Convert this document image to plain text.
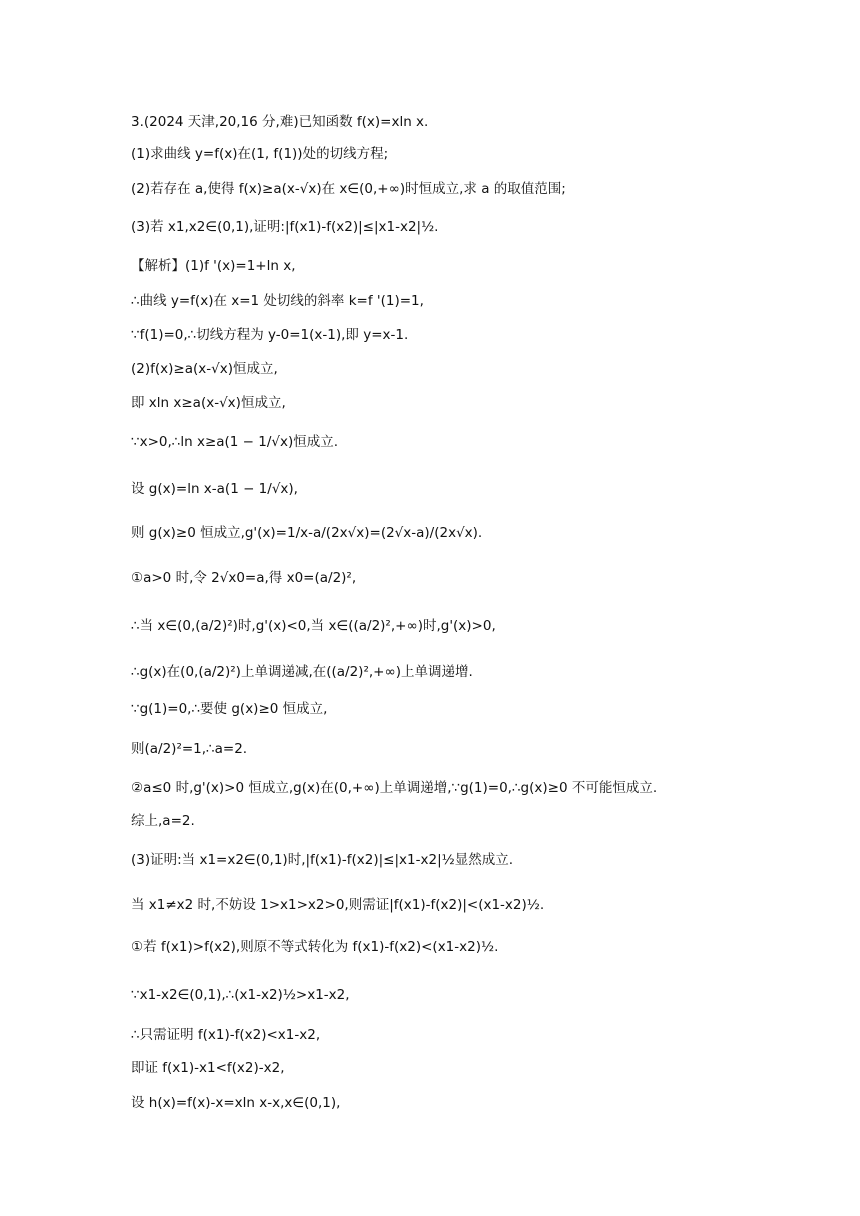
3.(2024 天津,20,16 分,难)已知函数 f(x)=xln x.
(1)求曲线 y=f(x)在(1, f(1))处的切线方程;
(2)若存在 a,使得 f(x)≥a(x-√x)在 x∈(0,+∞)时恒成立,求 a 的取值范围;
(3)若 x1,x2∈(0,1),证明:|f(x1)-f(x2)|≤|x1-x2|½.
【解析】(1)f '(x)=1+ln x,
∴曲线 y=f(x)在 x=1 处切线的斜率 k=f '(1)=1,
∵f(1)=0,∴切线方程为 y-0=1(x-1),即 y=x-1.
(2)f(x)≥a(x-√x)恒成立,
即 xln x≥a(x-√x)恒成立,
∵x>0,∴ln x≥a(1 − 1/√x)恒成立.
设 g(x)=ln x-a(1 − 1/√x),
则 g(x)≥0 恒成立,g'(x)=1/x-a/(2x√x)=(2√x-a)/(2x√x).
①a>0 时,令 2√x0=a,得 x0=(a/2)²,
∴当 x∈(0,(a/2)²)时,g'(x)<0,当 x∈((a/2)²,+∞)时,g'(x)>0,
∴g(x)在(0,(a/2)²)上单调递减,在((a/2)²,+∞)上单调递增.
∵g(1)=0,∴要使 g(x)≥0 恒成立,
则(a/2)²=1,∴a=2.
②a≤0 时,g'(x)>0 恒成立,g(x)在(0,+∞)上单调递增,∵g(1)=0,∴g(x)≥0 不可能恒成立.
综上,a=2.
(3)证明:当 x1=x2∈(0,1)时,|f(x1)-f(x2)|≤|x1-x2|½显然成立.
当 x1≠x2 时,不妨设 1>x1>x2>0,则需证|f(x1)-f(x2)|<(x1-x2)½.
①若 f(x1)>f(x2),则原不等式转化为 f(x1)-f(x2)<(x1-x2)½.
∵x1-x2∈(0,1),∴(x1-x2)½>x1-x2,
∴只需证明 f(x1)-f(x2)<x1-x2,
即证 f(x1)-x1<f(x2)-x2,
设 h(x)=f(x)-x=xln x-x,x∈(0,1),
